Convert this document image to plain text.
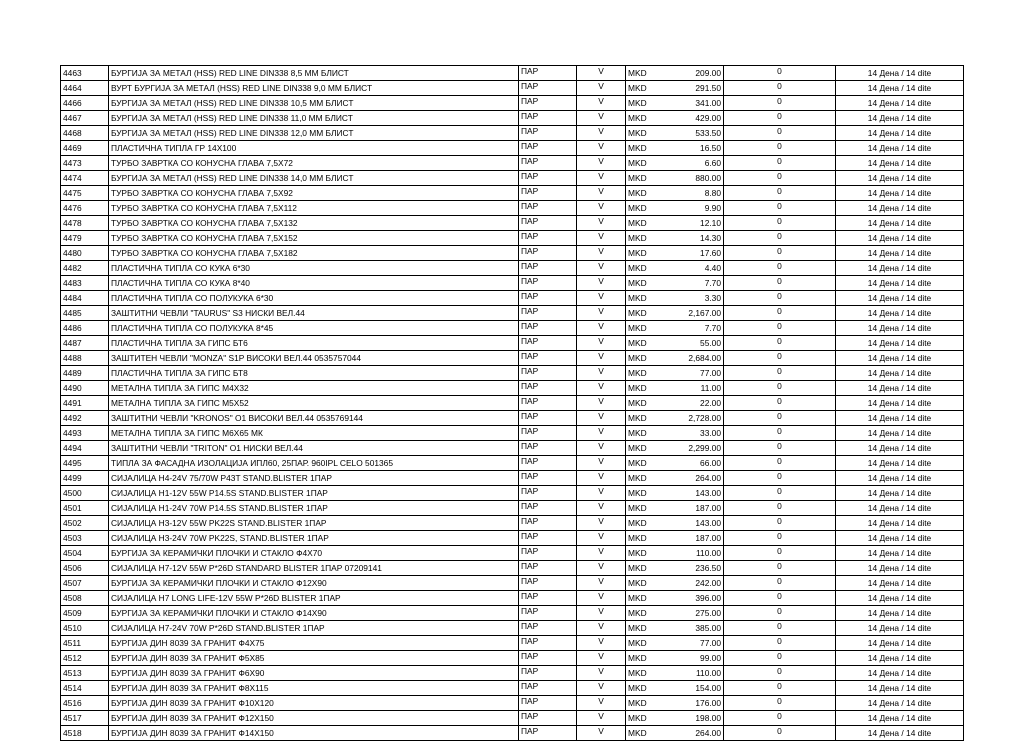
4463	БУРГИЈА ЗА МЕТАЛ (HSS) RED LINE DIN338 8,5 ММ БЛИСТ	ПАР	V	MKD	209.00	0	14 Дена / 14 dite
4464	ВУРТ БУРГИЈА ЗА МЕТАЛ (HSS) RED LINE DIN338 9,0 ММ БЛИСТ	ПАР	V	MKD	291.50	0	14 Дена / 14 dite
4466	БУРГИЈА ЗА МЕТАЛ (HSS) RED LINE DIN338 10,5 ММ БЛИСТ	ПАР	V	MKD	341.00	0	14 Дена / 14 dite
4467	БУРГИЈА ЗА МЕТАЛ (HSS) RED LINE DIN338 11,0 ММ БЛИСТ	ПАР	V	MKD	429.00	0	14 Дена / 14 dite
4468	БУРГИЈА ЗА МЕТАЛ (HSS) RED LINE DIN338 12,0 ММ БЛИСТ	ПАР	V	MKD	533.50	0	14 Дена / 14 dite
4469	ПЛАСТИЧНА ТИПЛА ГР 14Х100	ПАР	V	MKD	16.50	0	14 Дена / 14 dite
4473	ТУРБО ЗАВРТКА СО КОНУСНА ГЛАВА 7,5Х72	ПАР	V	MKD	6.60	0	14 Дена / 14 dite
4474	БУРГИЈА ЗА МЕТАЛ (HSS) RED LINE DIN338 14,0 ММ БЛИСТ	ПАР	V	MKD	880.00	0	14 Дена / 14 dite
4475	ТУРБО ЗАВРТКА СО КОНУСНА ГЛАВА 7,5Х92	ПАР	V	MKD	8.80	0	14 Дена / 14 dite
4476	ТУРБО ЗАВРТКА СО КОНУСНА ГЛАВА 7,5Х112	ПАР	V	MKD	9.90	0	14 Дена / 14 dite
4478	ТУРБО ЗАВРТКА СО КОНУСНА ГЛАВА 7,5Х132	ПАР	V	MKD	12.10	0	14 Дена / 14 dite
4479	ТУРБО ЗАВРТКА СО КОНУСНА ГЛАВА 7,5Х152	ПАР	V	MKD	14.30	0	14 Дена / 14 dite
4480	ТУРБО ЗАВРТКА СО КОНУСНА ГЛАВА 7,5Х182	ПАР	V	MKD	17.60	0	14 Дена / 14 dite
4482	ПЛАСТИЧНА ТИПЛА СО КУКА 6*30	ПАР	V	MKD	4.40	0	14 Дена / 14 dite
4483	ПЛАСТИЧНА ТИПЛА СО КУКА 8*40	ПАР	V	MKD	7.70	0	14 Дена / 14 dite
4484	ПЛАСТИЧНА ТИПЛА СО ПОЛУКУКА 6*30	ПАР	V	MKD	3.30	0	14 Дена / 14 dite
4485	ЗАШТИТНИ ЧЕВЛИ "TAURUS" S3 НИСКИ ВЕЛ.44	ПАР	V	MKD	2,167.00	0	14 Дена / 14 dite
4486	ПЛАСТИЧНА ТИПЛА СО ПОЛУКУКА 8*45	ПАР	V	MKD	7.70	0	14 Дена / 14 dite
4487	ПЛАСТИЧНА ТИПЛА ЗА ГИПС БТ6	ПАР	V	MKD	55.00	0	14 Дена / 14 dite
4488	ЗАШТИТЕН ЧЕВЛИ "MONZA" S1P ВИСОКИ ВЕЛ.44 0535757044	ПАР	V	MKD	2,684.00	0	14 Дена / 14 dite
4489	ПЛАСТИЧНА ТИПЛА ЗА ГИПС БТ8	ПАР	V	MKD	77.00	0	14 Дена / 14 dite
4490	МЕТАЛНА ТИПЛА ЗА ГИПС М4Х32	ПАР	V	MKD	11.00	0	14 Дена / 14 dite
4491	МЕТАЛНА ТИПЛА ЗА ГИПС М5Х52	ПАР	V	MKD	22.00	0	14 Дена / 14 dite
4492	ЗАШТИТНИ ЧЕВЛИ "KRONOS" O1 ВИСОКИ ВЕЛ.44 0535769144	ПАР	V	MKD	2,728.00	0	14 Дена / 14 dite
4493	МЕТАЛНА ТИПЛА ЗА ГИПС М6Х65 МК	ПАР	V	MKD	33.00	0	14 Дена / 14 dite
4494	ЗАШТИТНИ ЧЕВЛИ "TRITON" O1 НИСКИ ВЕЛ.44	ПАР	V	MKD	2,299.00	0	14 Дена / 14 dite
4495	ТИПЛА ЗА ФАСАДНА ИЗОЛАЦИЈА ИПЛ60, 25ПАР. 960IPL CELO 501365	ПАР	V	MKD	66.00	0	14 Дена / 14 dite
4499	СИЈАЛИЦА H4-24V 75/70W P43T STAND.BLISTER 1ПАР	ПАР	V	MKD	264.00	0	14 Дена / 14 dite
4500	СИЈАЛИЦА H1-12V 55W P14.5S STAND.BLISTER 1ПАР	ПАР	V	MKD	143.00	0	14 Дена / 14 dite
4501	СИЈАЛИЦА H1-24V 70W P14.5S STAND.BLISTER 1ПАР	ПАР	V	MKD	187.00	0	14 Дена / 14 dite
4502	СИЈАЛИЦА H3-12V 55W PK22S STAND.BLISTER 1ПАР	ПАР	V	MKD	143.00	0	14 Дена / 14 dite
4503	СИЈАЛИЦА H3-24V 70W PK22S, STAND.BLISTER 1ПАР	ПАР	V	MKD	187.00	0	14 Дена / 14 dite
4504	БУРГИЈА ЗА КЕРАМИЧКИ ПЛОЧКИ И СТАКЛО Ф4Х70	ПАР	V	MKD	110.00	0	14 Дена / 14 dite
4506	СИЈАЛИЦА H7-12V 55W P*26D STANDARD BLISTER 1ПАР 07209141	ПАР	V	MKD	236.50	0	14 Дена / 14 dite
4507	БУРГИЈА ЗА КЕРАМИЧКИ ПЛОЧКИ И СТАКЛО Ф12Х90	ПАР	V	MKD	242.00	0	14 Дена / 14 dite
4508	СИЈАЛИЦА H7 LONG LIFE-12V 55W P*26D BLISTER 1ПАР	ПАР	V	MKD	396.00	0	14 Дена / 14 dite
4509	БУРГИЈА ЗА КЕРАМИЧКИ ПЛОЧКИ И СТАКЛО Ф14Х90	ПАР	V	MKD	275.00	0	14 Дена / 14 dite
4510	СИЈАЛИЦА H7-24V 70W P*26D STAND.BLISTER 1ПАР	ПАР	V	MKD	385.00	0	14 Дена / 14 dite
4511	БУРГИЈА ДИН 8039 ЗА ГРАНИТ Ф4Х75	ПАР	V	MKD	77.00	0	14 Дена / 14 dite
4512	БУРГИЈА ДИН 8039 ЗА ГРАНИТ Ф5Х85	ПАР	V	MKD	99.00	0	14 Дена / 14 dite
4513	БУРГИЈА ДИН 8039 ЗА ГРАНИТ Ф6Х90	ПАР	V	MKD	110.00	0	14 Дена / 14 dite
4514	БУРГИЈА ДИН 8039 ЗА ГРАНИТ Ф8Х115	ПАР	V	MKD	154.00	0	14 Дена / 14 dite
4516	БУРГИЈА ДИН 8039 ЗА ГРАНИТ Ф10Х120	ПАР	V	MKD	176.00	0	14 Дена / 14 dite
4517	БУРГИЈА ДИН 8039 ЗА ГРАНИТ Ф12Х150	ПАР	V	MKD	198.00	0	14 Дена / 14 dite
4518	БУРГИЈА ДИН 8039 ЗА ГРАНИТ Ф14Х150	ПАР	V	MKD	264.00	0	14 Дена / 14 dite
